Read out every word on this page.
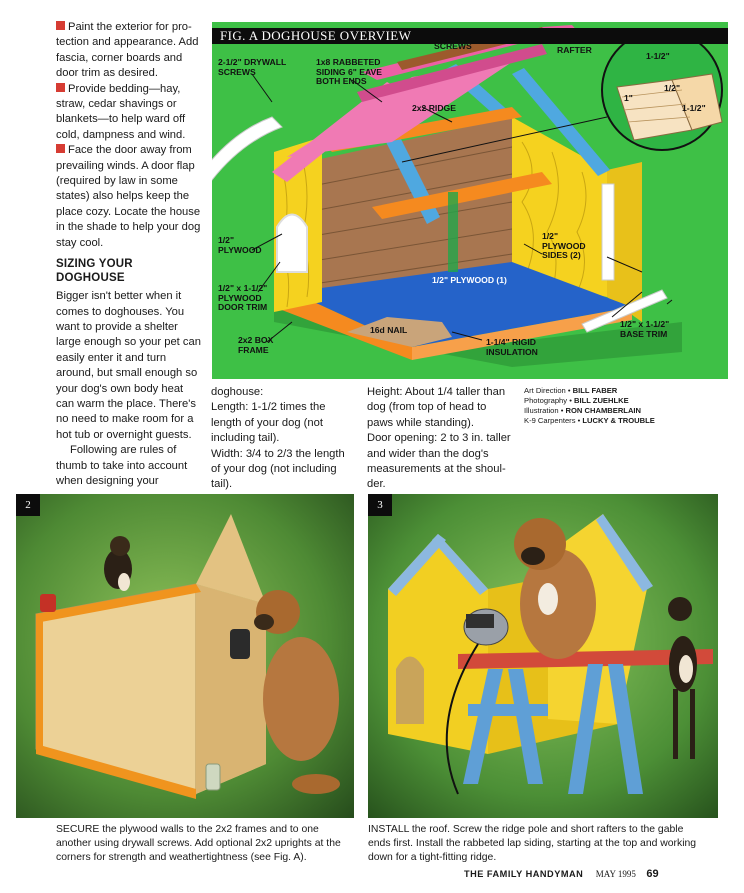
Paint the exterior for pro-tection and appearance. Add fascia, corner boards and door trim as desired.

Provide bedding—hay, straw, cedar shavings or blankets—to help ward off cold, dampness and wind.

Face the door away from prevailing winds. A door flap (required by law in some states) also helps keep the place cozy. Locate the house in the shade to help your dog stay cool.

SIZING YOUR DOGHOUSE

Bigger isn't better when it comes to doghouses. You want to provide a shelter large enough so your pet can easily enter it and turn around, but small enough so your dog's own body heat can warm the place. There's no need to make room for a hot tub or overnight guests.

Following are rules of thumb to take into account when designing your

FIG. A DOGHOUSE OVERVIEW
SCREWS	RAFTER
2-1/2" DRYWALL
SCREWS
1x8 RABBETED
SIDING 6" EAVE
BOTH ENDS
2x2 RIDGE
1/2"
PLYWOOD
1/2"
PLYWOOD
SIDES (2)
1/2" PLYWOOD (1)
1/2" x 1-1/2"
PLYWOOD
DOOR TRIM
2x2 BOX
FRAME
16d NAIL
1-1/4" RIGID
INSULATION
1/2" x 1-1/2"
BASE TRIM
1-1/2"
1"
1/2"
1-1/2"

doghouse:

Length: 1-1/2 times the length of your dog (not including tail).

Width: 3/4 to 2/3 the length of your dog (not including tail).

Height: About 1/4 taller than dog (from top of head to paws while standing).

Door opening: 2 to 3 in. taller and wider than the dog's measurements at the shoul-der.

Art Direction • BILL FABER
Photography • BILL ZUEHLKE
Illustration • RON CHAMBERLAIN
K-9 Carpenters • LUCKY & TROUBLE
2
SECURE the plywood walls to the 2x2 frames and to one another using drywall screws. Add optional 2x2 uprights at the corners for strength and weathertightness (see Fig. A).
3
INSTALL the roof. Screw the ridge pole and short rafters to the gable ends first. Install the rabbeted lap siding, starting at the top and working down for a tight-fitting ridge.
THE FAMILY HANDYMAN MAY 1995 69
